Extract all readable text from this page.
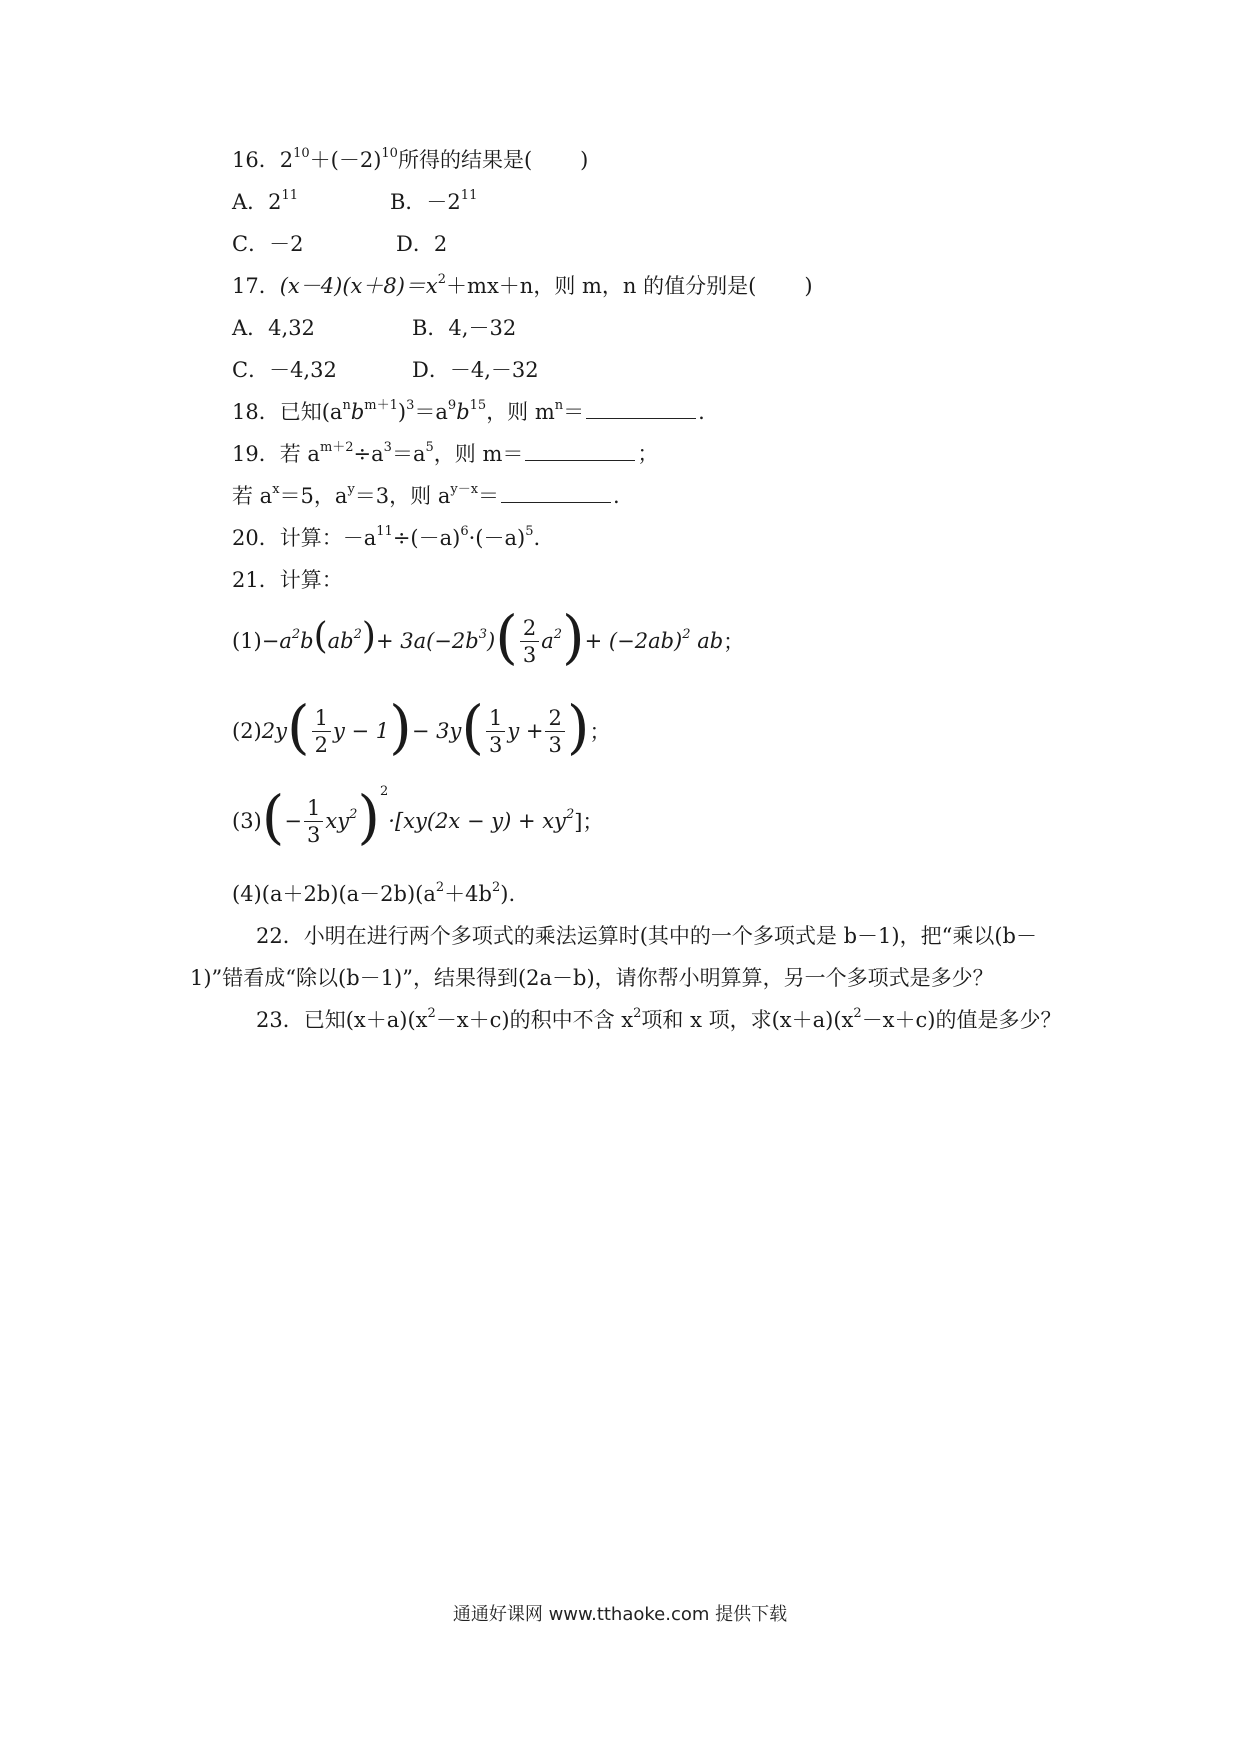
16．$2^{10}+(-2)^{10}$所得的结果是( )
A．$2^{11}$	B．$-2^{11}$
C．－2	D．2
17．$(x-4)(x+8)=x^2+mx+n$，则 m，n 的值分别是( )
A．4,32	B．4,－32
C．－4,32	D．－4,－32
18．已知$(a^nb^{m+1})^3=a^9b^{15}$，则 $m^n=$	.
19．若 $a^{m+2}\div a^3=a^5$，则 m＝	；
若 $a^x=5$，$a^y=3$，则 $a^{y-x}=$	.
20．计算：$-a^{11}\div(-a)^6\cdot(-a)^5$.
21．计算：
$(1)-a^2b(ab^2)+ 3a(-2b^3)( \frac{2}{3} a^2)+ (-2ab)^2$ ab；
$(2)2y( \frac{1}{2}$ $y - 1)- 3y( \frac{1}{3}$ $y + \frac{2}{3}$ )；
$(3)(- \frac{1}{3} xy^2)^2\cdot[xy(2x - y) + xy^2]$；
$(4)(a+2b)(a-2b)(a^2+4b^2)$.
22．小明在进行两个多项式的乘法运算时(其中的一个多项式是 b－1)，把“乘以(b－
1)”错看成“除以(b－1)”，结果得到(2a－b)，请你帮小明算算，另一个多项式是多少？
23．已知$(x+a)(x^2-x+c)$的积中不含 $x^2$项和 x 项，求$(x+a)(x^2-x+c)$的值是多少？
通通好课网 www.tthaoke.com 提供下载
